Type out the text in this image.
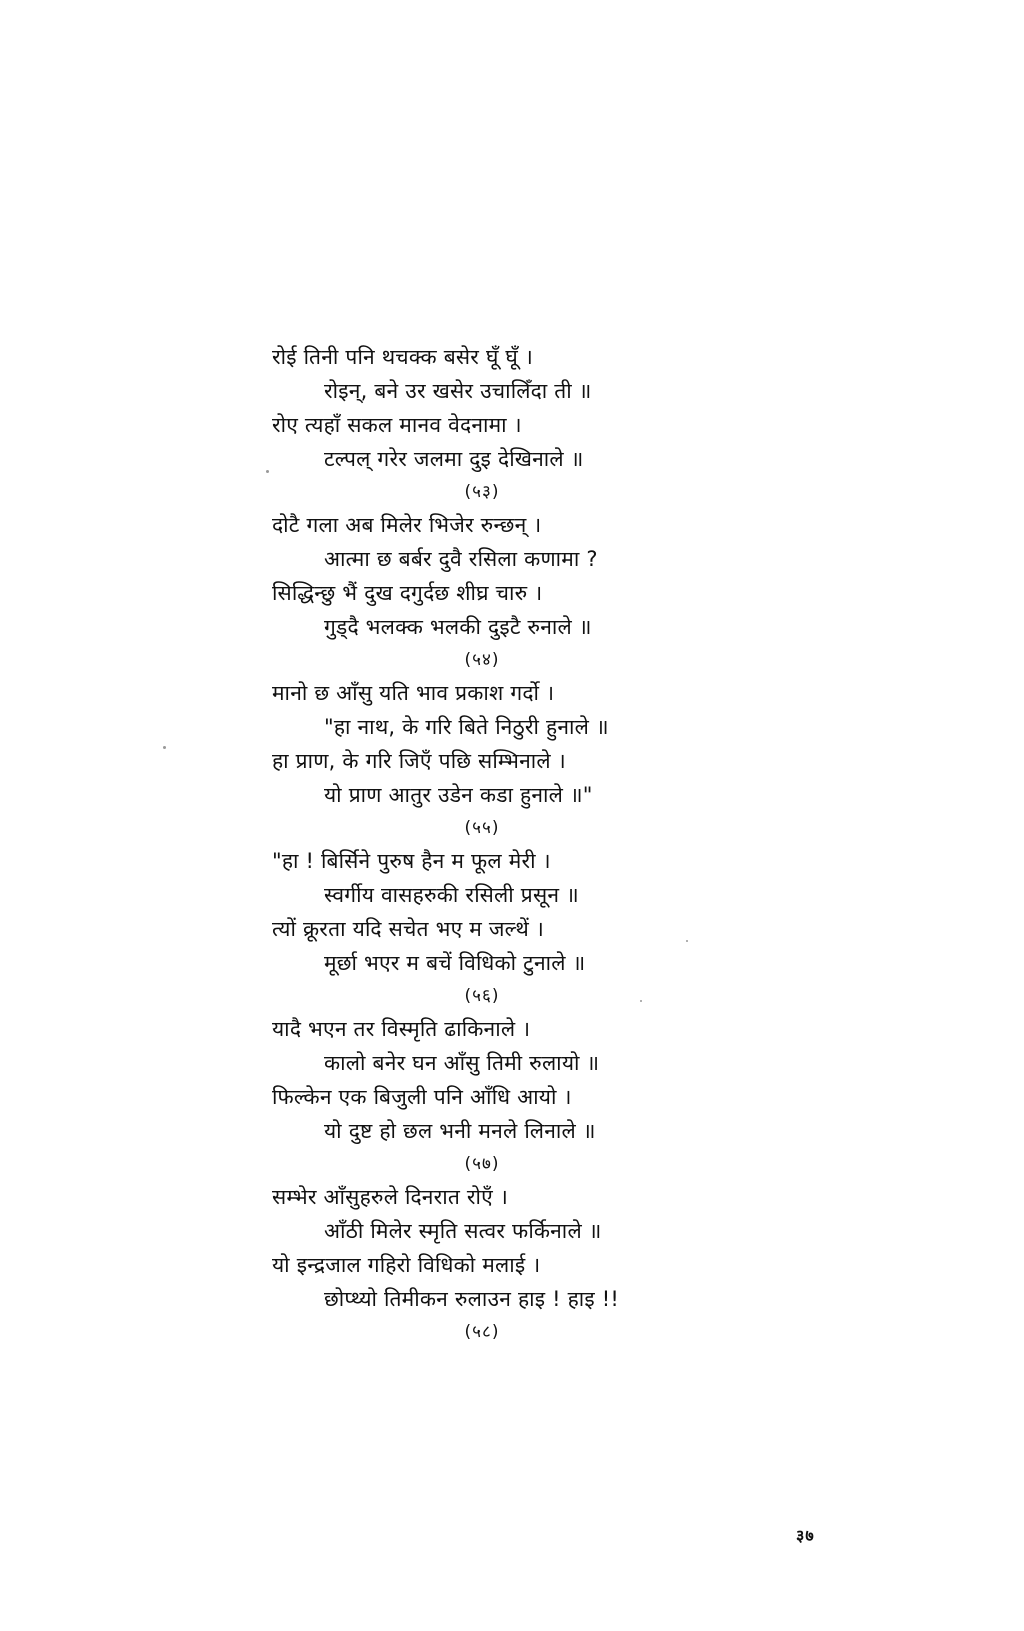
रोई तिनी पनि थचक्क बसेर घूँ घूँ ।
रोइन्, बने उर खसेर उचालिँदा ती ॥
रोए त्यहाँ सकल मानव वेदनामा ।
टल्पल् गरेर जलमा दुइ देखिनाले ॥
(५३)
दोटै गला अब मिलेर भिजेर रुन्छन् ।
आत्मा छ बर्बर दुवै रसिला कणामा ?
सिद्धिन्छु भैं दुख दगुर्दछ शीघ्र चारु ।
गुड्दै भलक्क भलकी दुइटै रुनाले ॥
(५४)
मानो छ आँसु यति भाव प्रकाश गर्दो ।
"हा नाथ, के गरि बिते निठुरी हुनाले ॥
हा प्राण, के गरि जिएँ पछि सम्भिनाले ।
यो प्राण आतुर उडेन कडा हुनाले ॥"
(५५)
"हा ! बिर्सिने पुरुष हैन म फूल मेरी ।
स्वर्गीय वासहरुकी रसिली प्रसून ॥
त्यों क्रूरता यदि सचेत भए म जल्थें ।
मूर्छा भएर म बचें विधिको टुनाले ॥
(५६)
यादै भएन तर विस्मृति ढाकिनाले ।
कालो बनेर घन आँसु तिमी रुलायो ॥
फिल्केन एक बिजुली पनि आँधि आयो ।
यो दुष्ट हो छल भनी मनले लिनाले ॥
(५७)
सम्भेर आँसुहरुले दिनरात रोएँ ।
आँठी मिलेर स्मृति सत्वर फर्किनाले ॥
यो इन्द्रजाल गहिरो विधिको मलाई ।
छोप्थ्यो तिमीकन रुलाउन हाइ ! हाइ !!
(५८)
३७
